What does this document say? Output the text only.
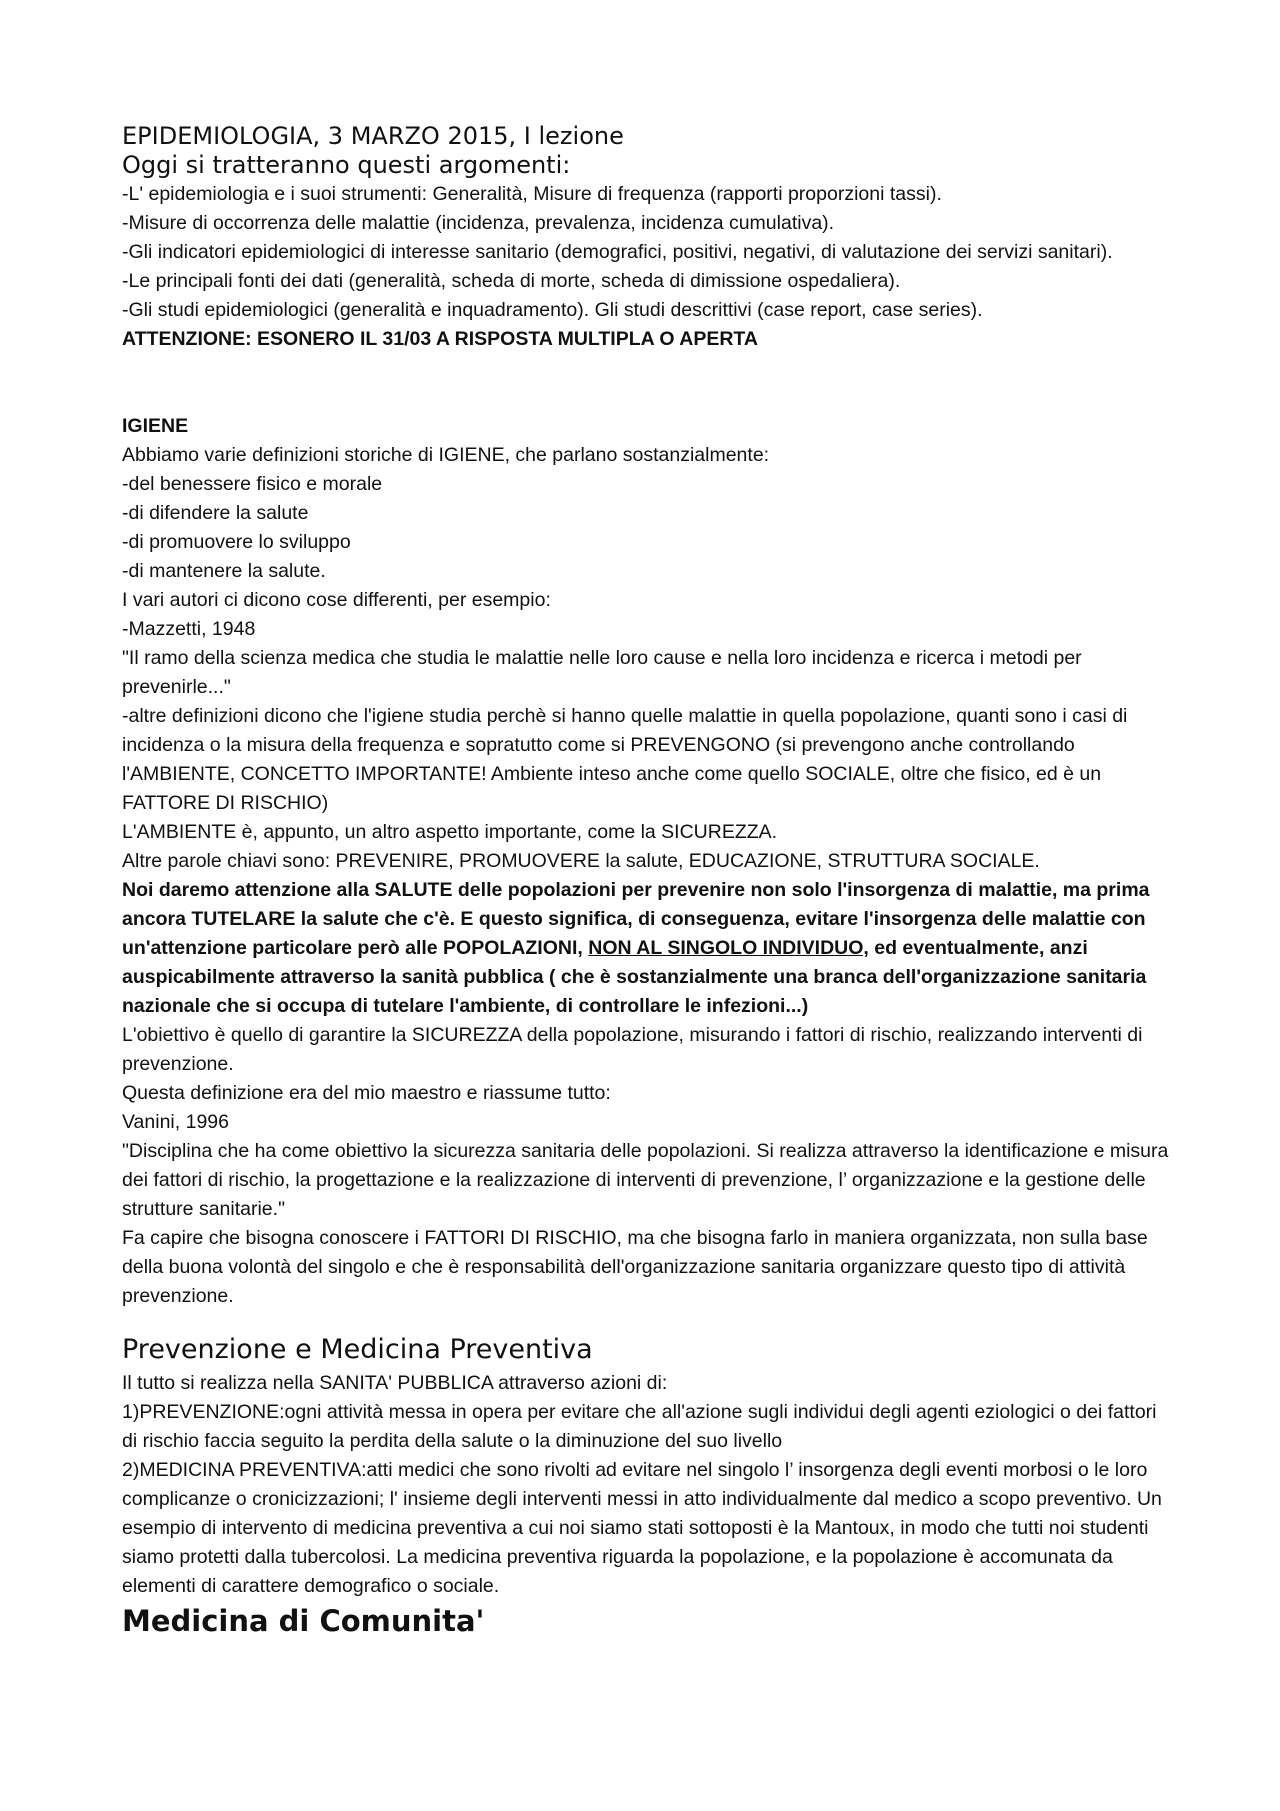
EPIDEMIOLOGIA, 3 MARZO 2015, I lezione

Oggi si tratteranno questi argomenti:

-L' epidemiologia e i suoi strumenti: Generalità, Misure di frequenza (rapporti proporzioni tassi).

-Misure di occorrenza delle malattie (incidenza, prevalenza, incidenza cumulativa).

-Gli indicatori epidemiologici di interesse sanitario (demografici, positivi, negativi, di valutazione dei servizi sanitari).

-Le principali fonti dei dati (generalità, scheda di morte, scheda di dimissione ospedaliera).

-Gli studi epidemiologici (generalità e inquadramento). Gli studi descrittivi (case report, case series).

ATTENZIONE: ESONERO IL 31/03 A RISPOSTA MULTIPLA O APERTA

IGIENE

Abbiamo varie definizioni storiche di IGIENE, che parlano sostanzialmente:

-del benessere fisico e morale

-di difendere la salute

-di promuovere lo sviluppo

-di mantenere la salute.

I vari autori ci dicono cose differenti, per esempio:

-Mazzetti, 1948

"Il ramo della scienza medica che studia le malattie nelle loro cause e nella loro incidenza e ricerca i metodi per prevenirle..."

-altre definizioni dicono che l'igiene studia perchè si hanno quelle malattie in quella popolazione, quanti sono i casi di incidenza o la misura della frequenza e sopratutto come si PREVENGONO (si prevengono anche controllando l'AMBIENTE, CONCETTO IMPORTANTE! Ambiente inteso anche come quello SOCIALE, oltre che fisico, ed è un FATTORE DI RISCHIO)

L'AMBIENTE è, appunto, un altro aspetto importante, come la SICUREZZA.

Altre parole chiavi sono: PREVENIRE, PROMUOVERE la salute, EDUCAZIONE, STRUTTURA SOCIALE.

Noi daremo attenzione alla SALUTE delle popolazioni per prevenire non solo l'insorgenza di malattie, ma prima ancora TUTELARE la salute che c'è. E questo significa, di conseguenza, evitare l'insorgenza delle malattie con un'attenzione particolare però alle POPOLAZIONI, NON AL SINGOLO INDIVIDUO, ed eventualmente, anzi auspicabilmente attraverso la sanità pubblica ( che è sostanzialmente una branca dell'organizzazione sanitaria nazionale che si occupa di tutelare l'ambiente, di controllare le infezioni...)

L'obiettivo è quello di garantire la SICUREZZA della popolazione, misurando i fattori di rischio, realizzando interventi di prevenzione.

Questa definizione era del mio maestro e riassume tutto:

Vanini, 1996

"Disciplina che ha come obiettivo la sicurezza sanitaria delle popolazioni. Si realizza attraverso la identificazione e misura dei fattori di rischio, la progettazione e la realizzazione di interventi di prevenzione, l’ organizzazione e la gestione delle strutture sanitarie."

Fa capire che bisogna conoscere i FATTORI DI RISCHIO, ma che bisogna farlo in maniera organizzata, non sulla base della buona volontà del singolo e che è responsabilità dell'organizzazione sanitaria organizzare questo tipo di attività prevenzione.

Prevenzione e Medicina Preventiva

Il tutto si realizza nella SANITA' PUBBLICA attraverso azioni di:

1)PREVENZIONE:ogni attività messa in opera per evitare che all'azione sugli individui degli agenti eziologici o dei fattori di rischio faccia seguito la perdita della salute o la diminuzione del suo livello

2)MEDICINA PREVENTIVA:atti medici che sono rivolti ad evitare nel singolo l’ insorgenza degli eventi morbosi o le loro complicanze o cronicizzazioni; l' insieme degli interventi messi in atto individualmente dal medico a scopo preventivo. Un esempio di intervento di medicina preventiva a cui noi siamo stati sottoposti è la Mantoux, in modo che tutti noi studenti siamo protetti dalla tubercolosi. La medicina preventiva riguarda la popolazione, e la popolazione è accomunata da elementi di carattere demografico o sociale.

Medicina di Comunita'
